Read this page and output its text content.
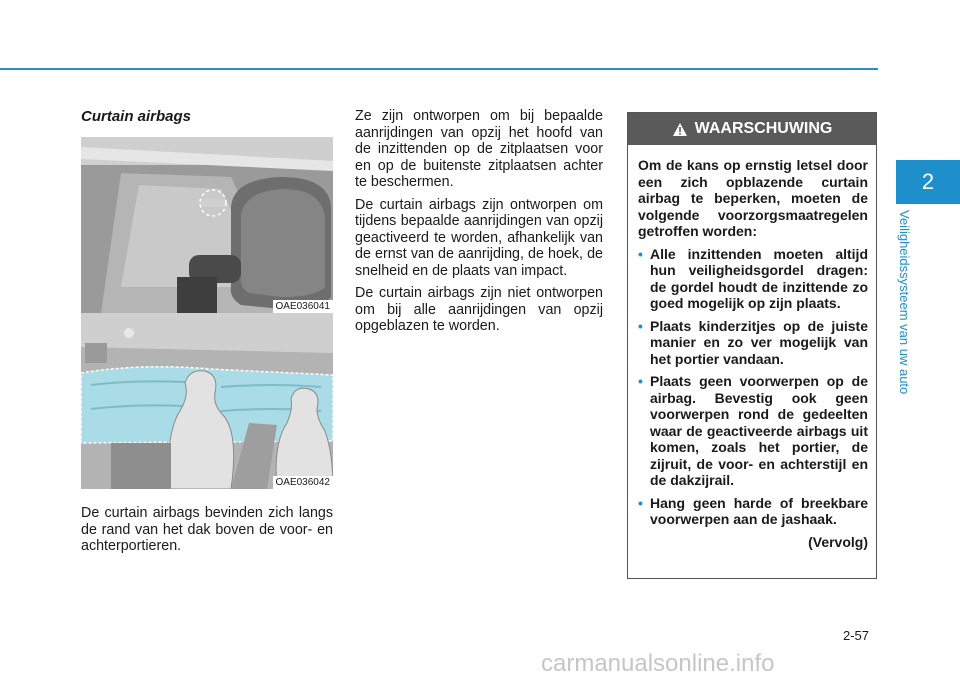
2
Veiligheidssysteem van uw auto
Curtain airbags
OAE036041
OAE036042

De curtain airbags bevinden zich langs de rand van het dak boven de voor- en achterportieren.

Ze zijn ontworpen om bij bepaalde aanrijdingen van opzij het hoofd van de inzittenden op de zitplaatsen voor en op de buitenste zitplaatsen achter te beschermen.

De curtain airbags zijn ontworpen om tijdens bepaalde aanrijdingen van opzij geactiveerd te worden, afhankelijk van de ernst van de aanrijding, de hoek, de snelheid en de plaats van impact.

De curtain airbags zijn niet ontworpen om bij alle aanrijdingen van opzij opgeblazen te worden.

WAARSCHUWING

Om de kans op ernstig letsel door een zich opblazende curtain airbag te beperken, moeten de volgende voorzorgsmaatregelen getroffen worden:

• Alle inzittenden moeten altijd hun veiligheidsgordel dragen: de gordel houdt de inzittende zo goed mogelijk op zijn plaats.
• Plaats kinderzitjes op de juiste manier en zo ver mogelijk van het portier vandaan.
• Plaats geen voorwerpen op de airbag. Bevestig ook geen voorwerpen rond de gedeelten waar de geactiveerde airbags uit komen, zoals het portier, de zijruit, de voor- en achterstijl en de dakzijrail.
• Hang geen harde of breekbare voorwerpen aan de jashaak.
(Vervolg)
2-57
carmanualsonline.info
